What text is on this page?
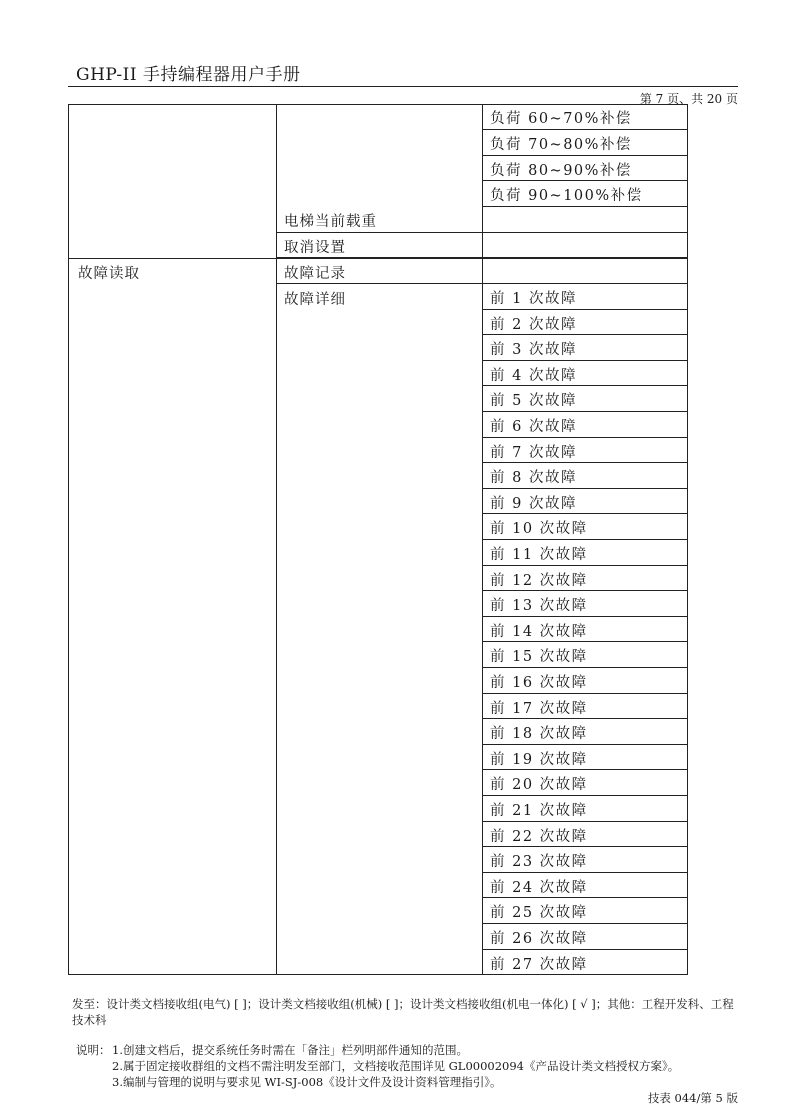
GHP-II 手持编程器用户手册
第 7 页、共 20 页
负荷 60~70%补偿
负荷 70~80%补偿
负荷 80~90%补偿
负荷 90~100%补偿
电梯当前载重
取消设置
故障读取	故障记录
故障详细	前 1 次故障
前 2 次故障
前 3 次故障
前 4 次故障
前 5 次故障
前 6 次故障
前 7 次故障
前 8 次故障
前 9 次故障
前 10 次故障
前 11 次故障
前 12 次故障
前 13 次故障
前 14 次故障
前 15 次故障
前 16 次故障
前 17 次故障
前 18 次故障
前 19 次故障
前 20 次故障
前 21 次故障
前 22 次故障
前 23 次故障
前 24 次故障
前 25 次故障
前 26 次故障
前 27 次故障
发至：设计类文档接收组(电气) [ ]；设计类文档接收组(机械) [ ]；设计类文档接收组(机电一体化) [ √ ]；其他：工程开发科、工程技术科
说明： 1.创建文档后，提交系统任务时需在「备注」栏列明部件通知的范围。
2.属于固定接收群组的文档不需注明发至部门，文档接收范围详见 GL00002094《产品设计类文档授权方案》。
3.编制与管理的说明与要求见 WI-SJ-008《设计文件及设计资料管理指引》。
技表 044/第 5 版
